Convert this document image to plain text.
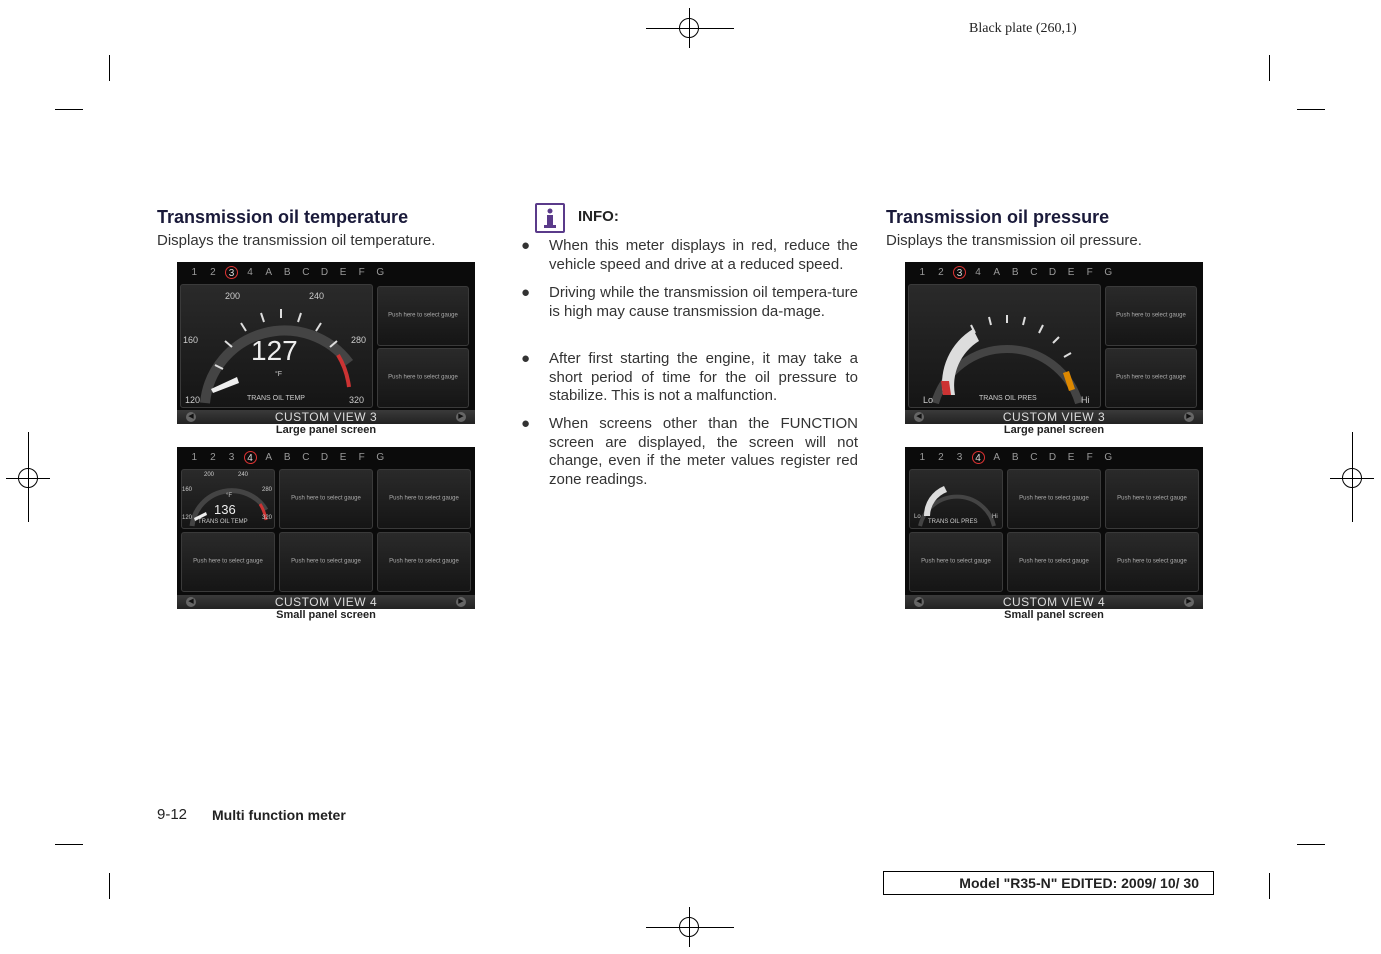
Black plate (260,1)
Transmission oil temperature
Displays the transmission oil temperature.
1	2	3	4	A	B	C	D	E	F	G
200	240
160	280
120	320
127
°F
TRANS OIL TEMP
Push here to select gauge
Push here to select gauge
CUSTOM VIEW 3
◀	▶
Large panel screen
1	2	3	4	A	B	C	D	E	F	G
200	240
160	280
120	320
°F
136
TRANS OIL TEMP
Push here to select gauge	Push here to select gauge
Push here to select gauge	Push here to select gauge	Push here to select gauge
CUSTOM VIEW 4
◀	▶
Small panel screen
INFO:
● When this meter displays in red, reduce the vehicle speed and drive at a reduced speed.
● Driving while the transmission oil tempera-ture is high may cause transmission da-mage.
● After first starting the engine, it may take a short period of time for the oil pressure to stabilize. This is not a malfunction.
● When screens other than the FUNCTION screen are displayed, the screen will not change, even if the meter values register red zone readings.
Transmission oil pressure
Displays the transmission oil pressure.
1	2	3	4	A	B	C	D	E	F	G
Lo	Hi
TRANS OIL PRES
Push here to select gauge
Push here to select gauge
CUSTOM VIEW 3
◀	▶
Large panel screen
1	2	3	4	A	B	C	D	E	F	G
Lo	Hi
TRANS OIL PRES
Push here to select gauge	Push here to select gauge
Push here to select gauge	Push here to select gauge	Push here to select gauge
CUSTOM VIEW 4
◀	▶
Small panel screen
9-12 Multi function meter
Model "R35-N" EDITED: 2009/ 10/ 30
